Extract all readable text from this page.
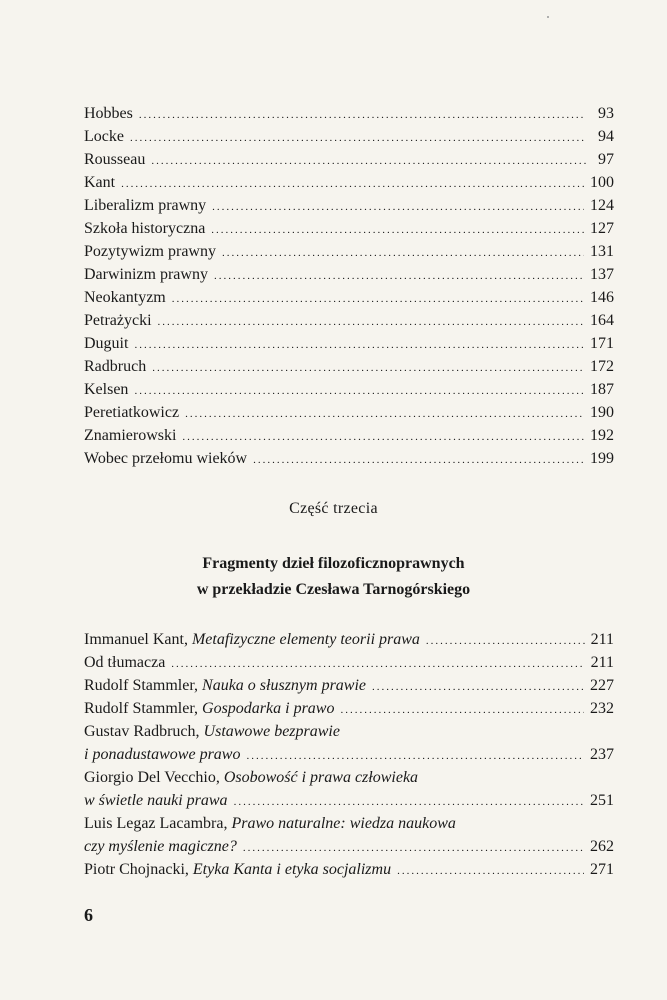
Hobbes .....	93
Locke .....	94
Rousseau .....	97
Kant .....	100
Liberalizm prawny .....	124
Szkoła historyczna .....	127
Pozytywizm prawny .....	131
Darwinizm prawny .....	137
Neokantyzm .....	146
Petrażycki .....	164
Duguit .....	171
Radbruch .....	172
Kelsen .....	187
Peretiatkowicz .....	190
Znamierowski .....	192
Wobec przełomu wieków .....	199
Część trzecia
Fragmenty dzieł filozoficznoprawnych
w przekładzie Czesława Tarnogórskiego
Immanuel Kant, Metafizyczne elementy teorii prawa .....	211
Od tłumacza .....	211
Rudolf Stammler, Nauka o słusznym prawie .....	227
Rudolf Stammler, Gospodarka i prawo .....	232
Gustav Radbruch, Ustawowe bezprawie
i ponadustawowe prawo .....	237
Giorgio Del Vecchio, Osobowość i prawa człowieka
w świetle nauki prawa .....	251
Luis Legaz Lacambra, Prawo naturalne: wiedza naukowa
czy myślenie magiczne? .....	262
Piotr Chojnacki, Etyka Kanta i etyka socjalizmu .....	271
6
